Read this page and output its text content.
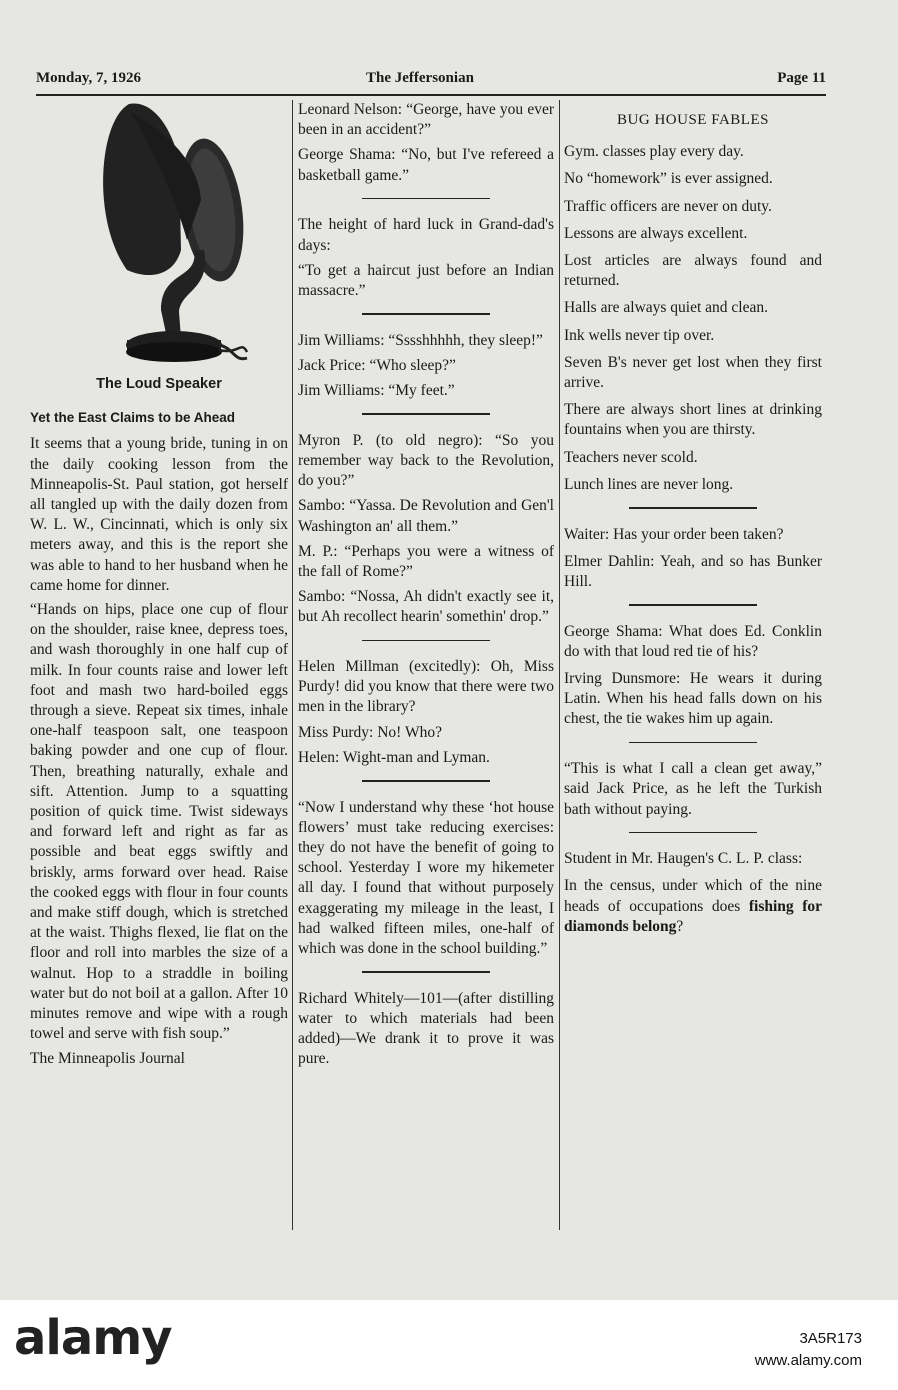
Monday, 7, 1926	The Jeffersonian	Page 11
The Loud Speaker
Yet the East Claims to be Ahead

It seems that a young bride, tuning in on the daily cooking lesson from the Minneapolis-St. Paul station, got herself all tangled up with the daily dozen from W. L. W., Cincinnati, which is only six meters away, and this is the report she was able to hand to her husband when he came home for dinner.

“Hands on hips, place one cup of flour on the shoulder, raise knee, depress toes, and wash thoroughly in one half cup of milk. In four counts raise and lower left foot and mash two hard-boiled eggs through a sieve. Repeat six times, inhale one-half teaspoon salt, one teaspoon baking powder and one cup of flour. Then, breathing naturally, exhale and sift. Attention. Jump to a squatting position of quick time. Twist sideways and forward left and right as far as possible and beat eggs swiftly and briskly, arms forward over head. Raise the cooked eggs with flour in four counts and make stiff dough, which is stretched at the waist. Thighs flexed, lie flat on the floor and roll into marbles the size of a walnut. Hop to a straddle in boiling water but do not boil at a gallon. After 10 minutes remove and wipe with a rough towel and serve with fish soup.”

The Minneapolis Journal

Leonard Nelson: “George, have you ever been in an accident?”

George Shama: “No, but I've refereed a basketball game.”

The height of hard luck in Grand-dad's days:

“To get a haircut just before an Indian massacre.”

Jim Williams: “Sssshhhhh, they sleep!”

Jack Price: “Who sleep?”

Jim Williams: “My feet.”

Myron P. (to old negro): “So you remember way back to the Revolution, do you?”

Sambo: “Yassa. De Revolution and Gen'l Washington an' all them.”

M. P.: “Perhaps you were a witness of the fall of Rome?”

Sambo: “Nossa, Ah didn't exactly see it, but Ah recollect hearin' somethin' drop.”

Helen Millman (excitedly): Oh, Miss Purdy! did you know that there were two men in the library?

Miss Purdy: No! Who?

Helen: Wight-man and Lyman.

“Now I understand why these ‘hot house flowers’ must take reducing exercises: they do not have the benefit of going to school. Yesterday I wore my hikemeter all day. I found that without purposely exaggerating my mileage in the least, I had walked fifteen miles, one-half of which was done in the school building.”

Richard Whitely—101—(after distilling water to which materials had been added)—We drank it to prove it was pure.

BUG HOUSE FABLES

Gym. classes play every day.

No “homework” is ever assigned.

Traffic officers are never on duty.

Lessons are always excellent.

Lost articles are always found and returned.

Halls are always quiet and clean.

Ink wells never tip over.

Seven B's never get lost when they first arrive.

There are always short lines at drinking fountains when you are thirsty.

Teachers never scold.

Lunch lines are never long.

Waiter: Has your order been taken?

Elmer Dahlin: Yeah, and so has Bunker Hill.

George Shama: What does Ed. Conklin do with that loud red tie of his?

Irving Dunsmore: He wears it during Latin. When his head falls down on his chest, the tie wakes him up again.

“This is what I call a clean get away,” said Jack Price, as he left the Turkish bath without paying.

Student in Mr. Haugen's C. L. P. class:

In the census, under which of the nine heads of occupations does fishing for diamonds belong?

alamy	3A5R173
www.alamy.com
